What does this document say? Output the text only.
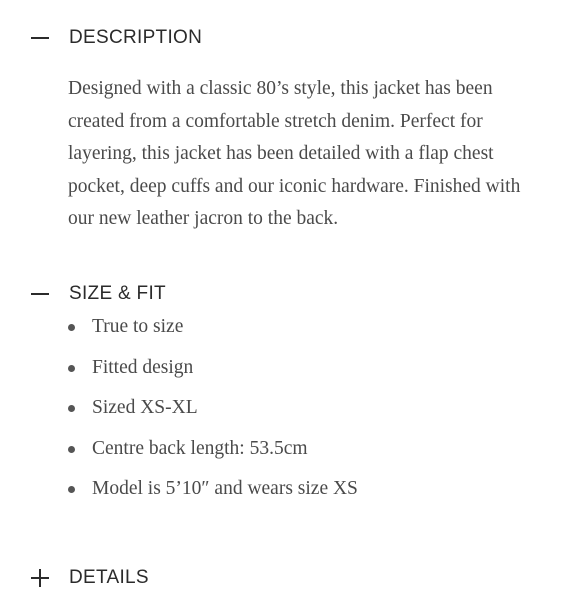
DESCRIPTION

Designed with a classic 80’s style, this jacket has been created from a comfortable stretch denim. Perfect for layering, this jacket has been detailed with a flap chest pocket, deep cuffs and our iconic hardware. Finished with our new leather jacron to the back.

SIZE & FIT
True to size
Fitted design
Sized XS-XL
Centre back length: 53.5cm
Model is 5’10″ and wears size XS
DETAILS
